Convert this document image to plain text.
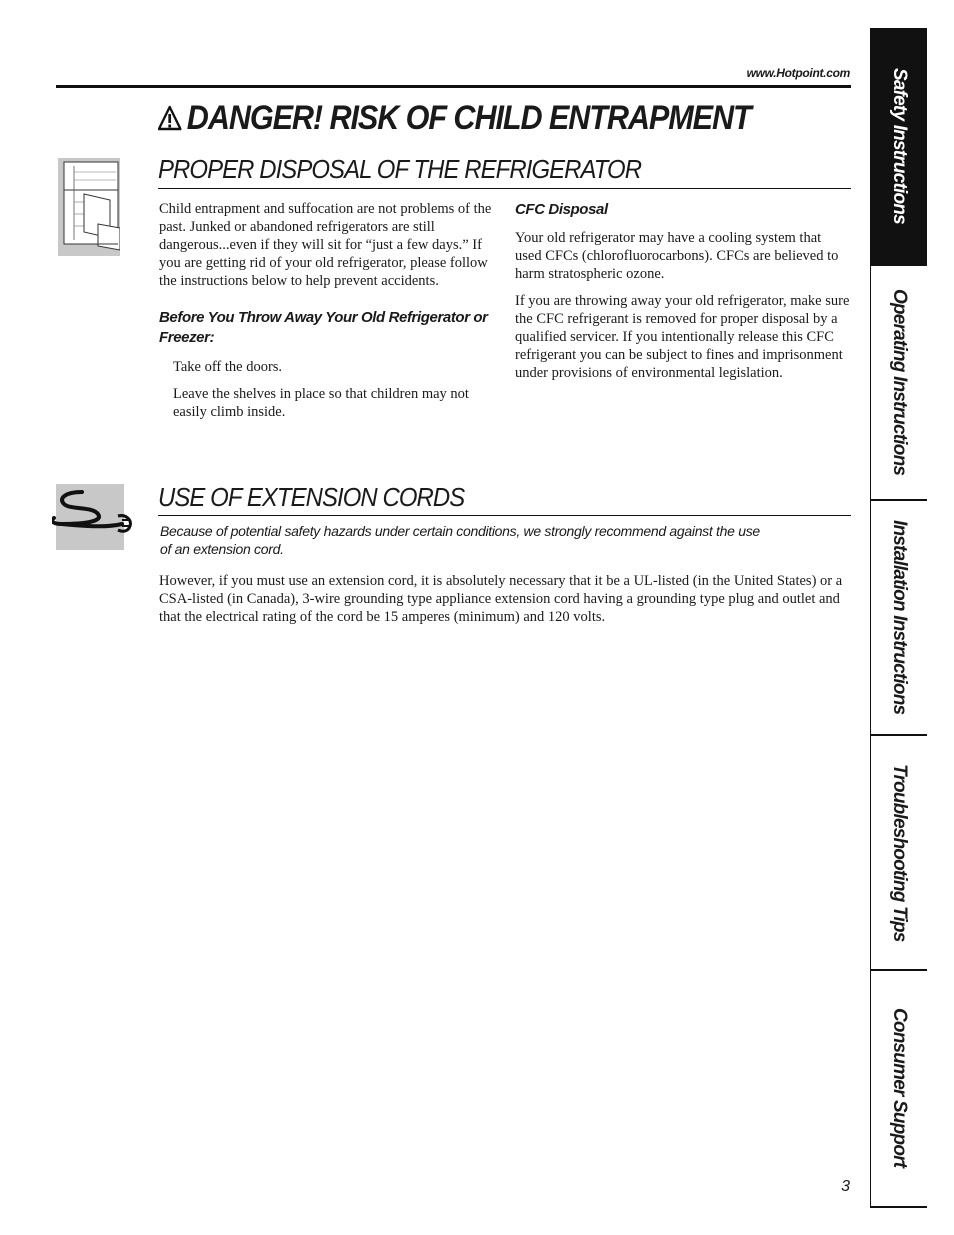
www.Hotpoint.com
DANGER! RISK OF CHILD ENTRAPMENT
PROPER DISPOSAL OF THE REFRIGERATOR

Child entrapment and suffocation are not problems of the past. Junked or abandoned refrigerators are still dangerous...even if they will sit for “just a few days.” If you are getting rid of your old refrigerator, please follow the instructions below to help prevent accidents.

Before You Throw Away Your Old Refrigerator or Freezer:

Take off the doors.

Leave the shelves in place so that children may not easily climb inside.

CFC Disposal

Your old refrigerator may have a cooling system that used CFCs (chlorofluorocarbons). CFCs are believed to harm stratospheric ozone.

If you are throwing away your old refrigerator, make sure the CFC refrigerant is removed for proper disposal by a qualified servicer. If you intentionally release this CFC refrigerant you can be subject to fines and imprisonment under provisions of environmental legislation.

USE OF EXTENSION CORDS
Because of potential safety hazards under certain conditions, we strongly recommend against the use of an extension cord.
However, if you must use an extension cord, it is absolutely necessary that it be a UL-listed (in the United States) or a CSA-listed (in Canada), 3-wire grounding type appliance extension cord having a grounding type plug and outlet and that the electrical rating of the cord be 15 amperes (minimum) and 120 volts.
3
Safety Instructions
Operating Instructions
Installation Instructions
Troubleshooting Tips
Consumer Support
